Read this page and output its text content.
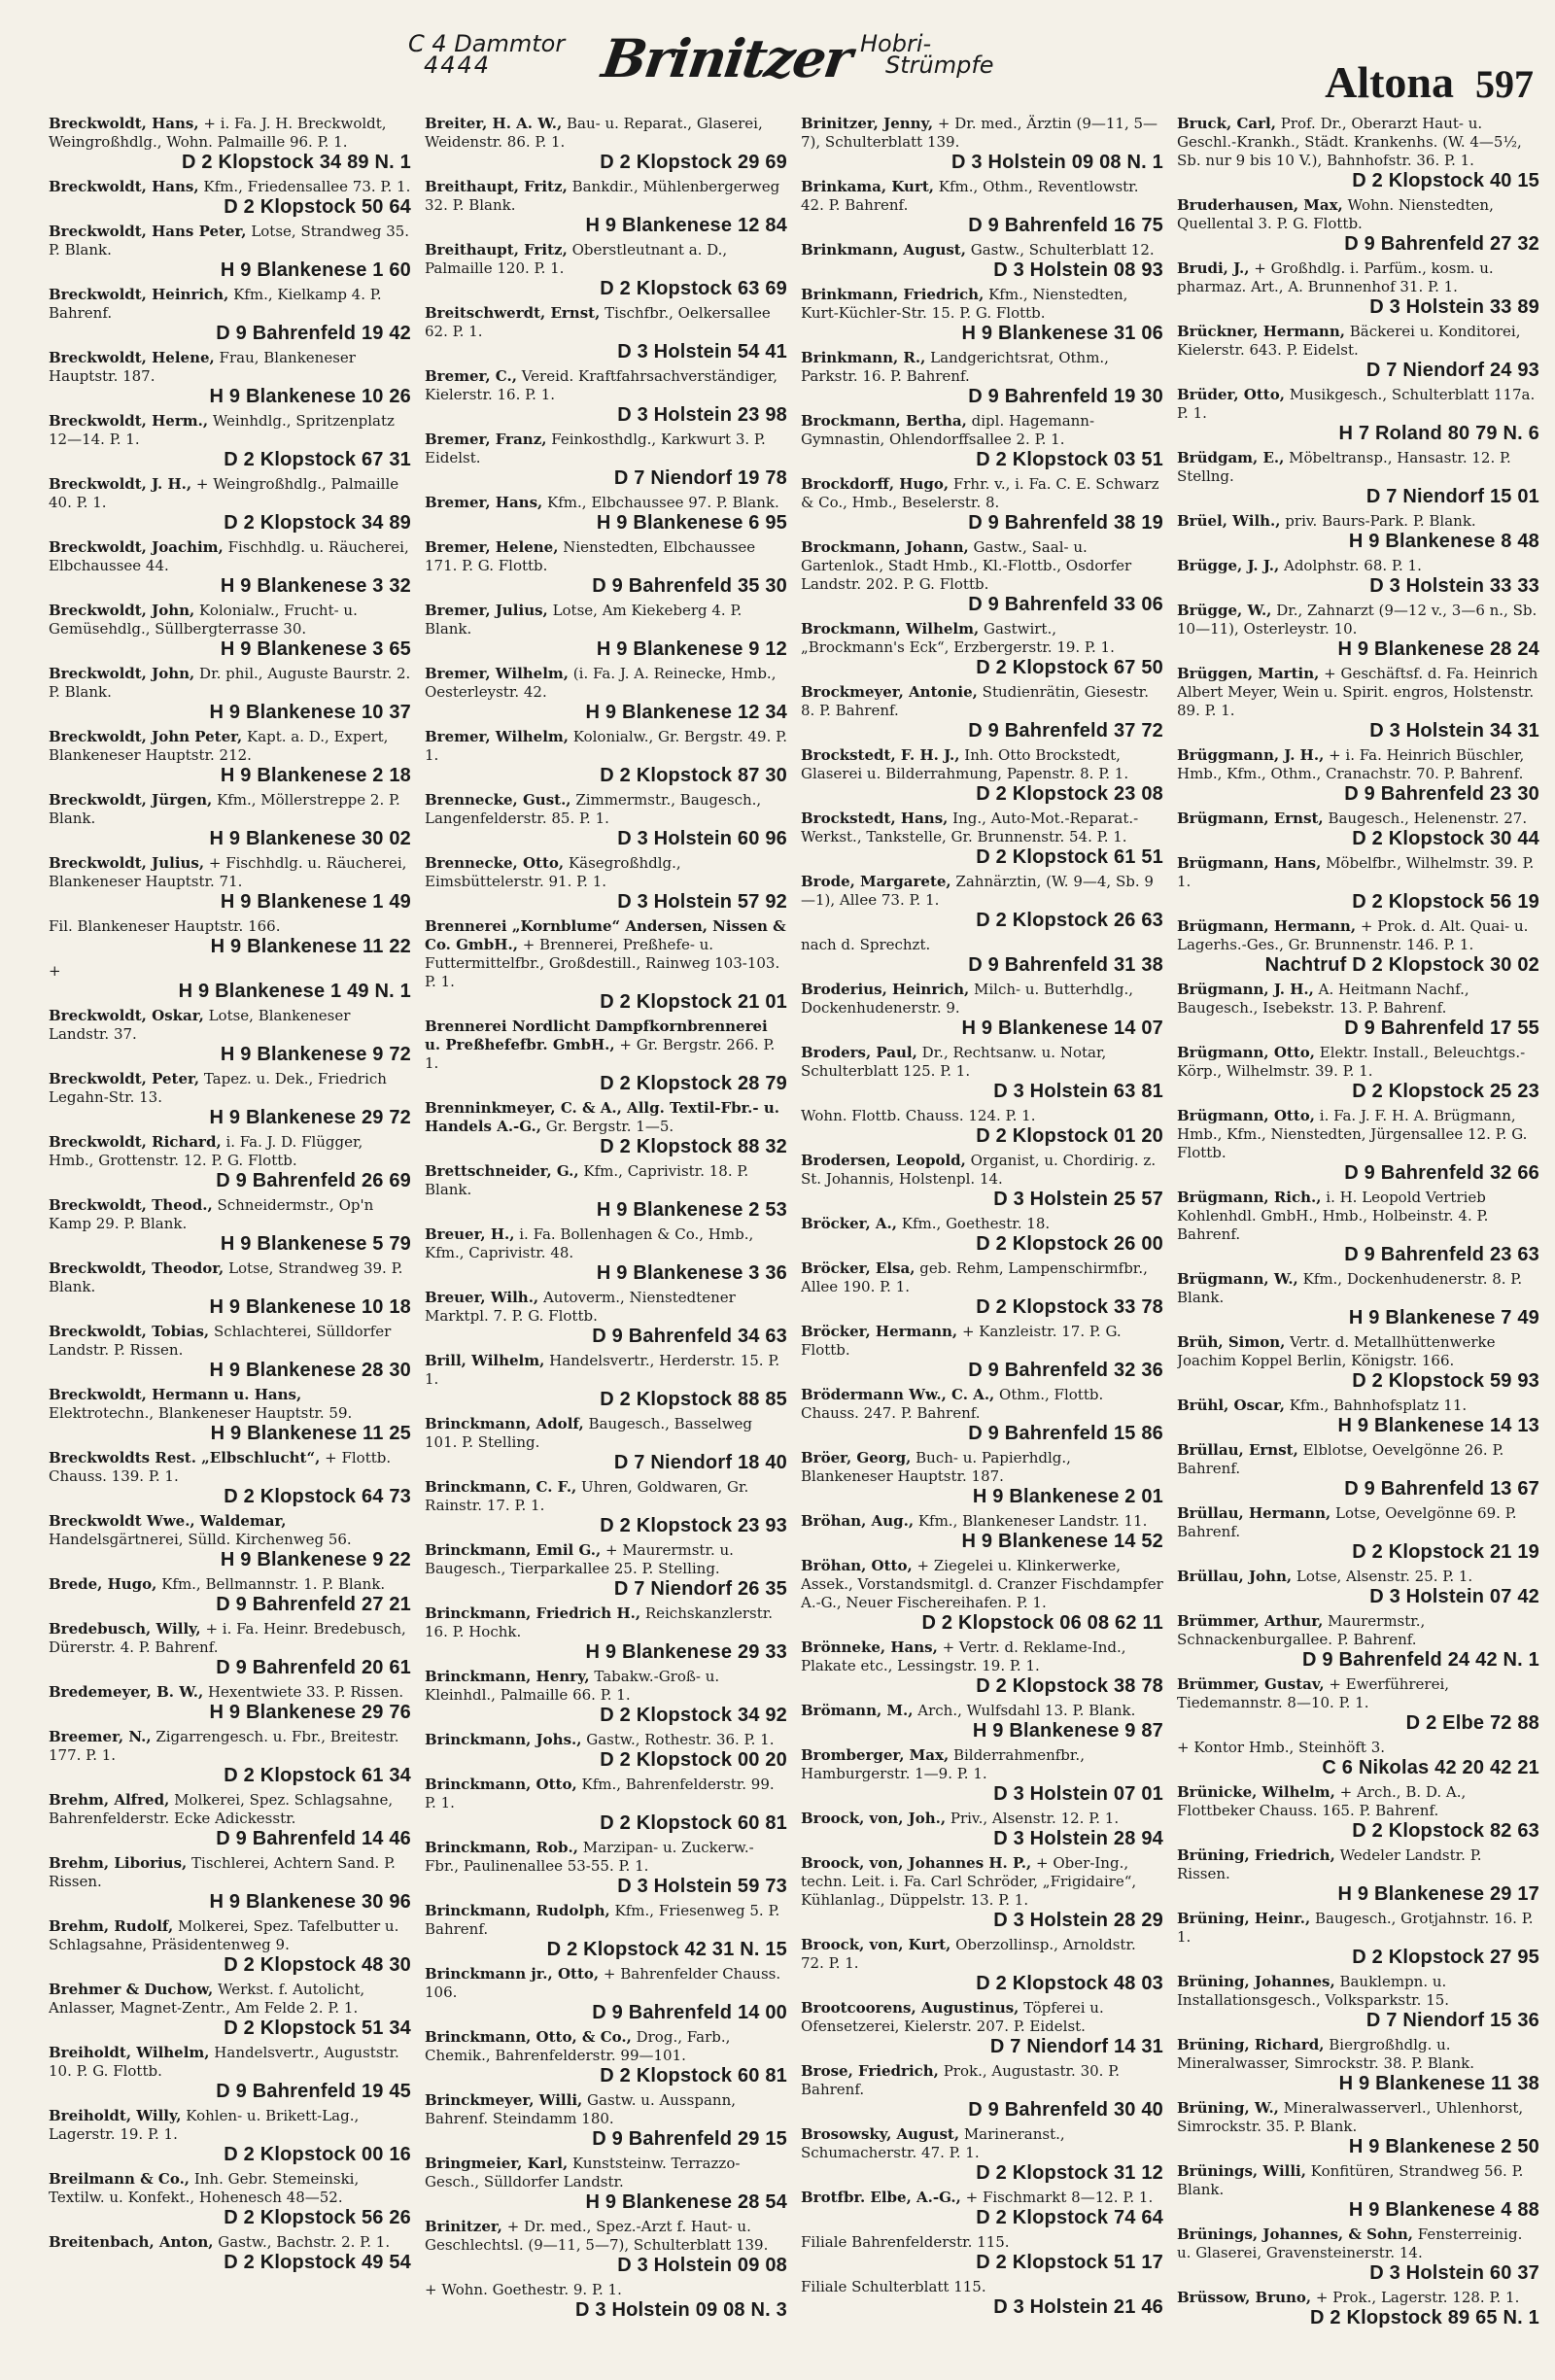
C 4 Dammtor
4444	Brinitzer Hobri-
Strümpfe	Altona 597
Breckwoldt, Hans, + i. Fa. J. H. Breckwoldt, Weingroßhdlg., Wohn. Palmaille 96. P. 1.
D 2 Klopstock 34 89 N. 1
Breckwoldt, Hans, Kfm., Friedensallee 73. P. 1.
D 2 Klopstock 50 64
Breckwoldt, Hans Peter, Lotse, Strandweg 35. P. Blank.
H 9 Blankenese 1 60
Breckwoldt, Heinrich, Kfm., Kielkamp 4. P. Bahrenf.
D 9 Bahrenfeld 19 42
Breckwoldt, Helene, Frau, Blankeneser Hauptstr. 187.
H 9 Blankenese 10 26
Breckwoldt, Herm., Weinhdlg., Spritzenplatz 12—14. P. 1.
D 2 Klopstock 67 31
Breckwoldt, J. H., + Weingroßhdlg., Palmaille 40. P. 1.
D 2 Klopstock 34 89
Breckwoldt, Joachim, Fischhdlg. u. Räucherei, Elbchaussee 44.
H 9 Blankenese 3 32
Breckwoldt, John, Kolonialw., Frucht- u. Gemüsehdlg., Süllbergterrasse 30.
H 9 Blankenese 3 65
Breckwoldt, John, Dr. phil., Auguste Baurstr. 2. P. Blank.
H 9 Blankenese 10 37
Breckwoldt, John Peter, Kapt. a. D., Expert, Blankeneser Hauptstr. 212.
H 9 Blankenese 2 18
Breckwoldt, Jürgen, Kfm., Möllerstreppe 2. P. Blank.
H 9 Blankenese 30 02
Breckwoldt, Julius, + Fischhdlg. u. Räucherei, Blankeneser Hauptstr. 71.
H 9 Blankenese 1 49
Fil. Blankeneser Hauptstr. 166.
H 9 Blankenese 11 22
+
H 9 Blankenese 1 49 N. 1
Breckwoldt, Oskar, Lotse, Blankeneser Landstr. 37.
H 9 Blankenese 9 72
Breckwoldt, Peter, Tapez. u. Dek., Friedrich Legahn-Str. 13.
H 9 Blankenese 29 72
Breckwoldt, Richard, i. Fa. J. D. Flügger, Hmb., Grottenstr. 12. P. G. Flottb.
D 9 Bahrenfeld 26 69
Breckwoldt, Theod., Schneidermstr., Op'n Kamp 29. P. Blank.
H 9 Blankenese 5 79
Breckwoldt, Theodor, Lotse, Strandweg 39. P. Blank.
H 9 Blankenese 10 18
Breckwoldt, Tobias, Schlachterei, Sülldorfer Landstr. P. Rissen.
H 9 Blankenese 28 30
Breckwoldt, Hermann u. Hans, Elektrotechn., Blankeneser Hauptstr. 59.
H 9 Blankenese 11 25
Breckwoldts Rest. „Elbschlucht“, + Flottb. Chauss. 139. P. 1.
D 2 Klopstock 64 73
Breckwoldt Wwe., Waldemar, Handelsgärtnerei, Sülld. Kirchenweg 56.
H 9 Blankenese 9 22
Brede, Hugo, Kfm., Bellmannstr. 1. P. Blank.
D 9 Bahrenfeld 27 21
Bredebusch, Willy, + i. Fa. Heinr. Bredebusch, Dürerstr. 4. P. Bahrenf.
D 9 Bahrenfeld 20 61
Bredemeyer, B. W., Hexentwiete 33. P. Rissen.
H 9 Blankenese 29 76
Breemer, N., Zigarrengesch. u. Fbr., Breitestr. 177. P. 1.
D 2 Klopstock 61 34
Brehm, Alfred, Molkerei, Spez. Schlagsahne, Bahrenfelderstr. Ecke Adickesstr.
D 9 Bahrenfeld 14 46
Brehm, Liborius, Tischlerei, Achtern Sand. P. Rissen.
H 9 Blankenese 30 96
Brehm, Rudolf, Molkerei, Spez. Tafelbutter u. Schlagsahne, Präsidentenweg 9.
D 2 Klopstock 48 30
Brehmer & Duchow, Werkst. f. Autolicht, Anlasser, Magnet-Zentr., Am Felde 2. P. 1.
D 2 Klopstock 51 34
Breiholdt, Wilhelm, Handelsvertr., Auguststr. 10. P. G. Flottb.
D 9 Bahrenfeld 19 45
Breiholdt, Willy, Kohlen- u. Brikett-Lag., Lagerstr. 19. P. 1.
D 2 Klopstock 00 16
Breilmann & Co., Inh. Gebr. Stemeinski, Textilw. u. Konfekt., Hohenesch 48—52.
D 2 Klopstock 56 26
Breitenbach, Anton, Gastw., Bachstr. 2. P. 1.
D 2 Klopstock 49 54
Breiter, H. A. W., Bau- u. Reparat., Glaserei, Weidenstr. 86. P. 1.
D 2 Klopstock 29 69
Breithaupt, Fritz, Bankdir., Mühlenbergerweg 32. P. Blank.
H 9 Blankenese 12 84
Breithaupt, Fritz, Oberstleutnant a. D., Palmaille 120. P. 1.
D 2 Klopstock 63 69
Breitschwerdt, Ernst, Tischfbr., Oelkersallee 62. P. 1.
D 3 Holstein 54 41
Bremer, C., Vereid. Kraftfahrsachverständiger, Kielerstr. 16. P. 1.
D 3 Holstein 23 98
Bremer, Franz, Feinkosthdlg., Karkwurt 3. P. Eidelst.
D 7 Niendorf 19 78
Bremer, Hans, Kfm., Elbchaussee 97. P. Blank.
H 9 Blankenese 6 95
Bremer, Helene, Nienstedten, Elbchaussee 171. P. G. Flottb.
D 9 Bahrenfeld 35 30
Bremer, Julius, Lotse, Am Kiekeberg 4. P. Blank.
H 9 Blankenese 9 12
Bremer, Wilhelm, (i. Fa. J. A. Reinecke, Hmb., Oesterleystr. 42.
H 9 Blankenese 12 34
Bremer, Wilhelm, Kolonialw., Gr. Bergstr. 49. P. 1.
D 2 Klopstock 87 30
Brennecke, Gust., Zimmermstr., Baugesch., Langenfelderstr. 85. P. 1.
D 3 Holstein 60 96
Brennecke, Otto, Käsegroßhdlg., Eimsbüttelerstr. 91. P. 1.
D 3 Holstein 57 92
Brennerei „Kornblume“ Andersen, Nissen & Co. GmbH., + Brennerei, Preßhefe- u. Futtermittelfbr., Großdestill., Rainweg 103-103. P. 1.
D 2 Klopstock 21 01
Brennerei Nordlicht Dampfkornbrennerei u. Preßhefefbr. GmbH., + Gr. Bergstr. 266. P. 1.
D 2 Klopstock 28 79
Brenninkmeyer, C. & A., Allg. Textil-Fbr.- u. Handels A.-G., Gr. Bergstr. 1—5.
D 2 Klopstock 88 32
Brettschneider, G., Kfm., Caprivistr. 18. P. Blank.
H 9 Blankenese 2 53
Breuer, H., i. Fa. Bollenhagen & Co., Hmb., Kfm., Caprivistr. 48.
H 9 Blankenese 3 36
Breuer, Wilh., Autoverm., Nienstedtener Marktpl. 7. P. G. Flottb.
D 9 Bahrenfeld 34 63
Brill, Wilhelm, Handelsvertr., Herderstr. 15. P. 1.
D 2 Klopstock 88 85
Brinckmann, Adolf, Baugesch., Basselweg 101. P. Stelling.
D 7 Niendorf 18 40
Brinckmann, C. F., Uhren, Goldwaren, Gr. Rainstr. 17. P. 1.
D 2 Klopstock 23 93
Brinckmann, Emil G., + Maurermstr. u. Baugesch., Tierparkallee 25. P. Stelling.
D 7 Niendorf 26 35
Brinckmann, Friedrich H., Reichskanzlerstr. 16. P. Hochk.
H 9 Blankenese 29 33
Brinckmann, Henry, Tabakw.-Groß- u. Kleinhdl., Palmaille 66. P. 1.
D 2 Klopstock 34 92
Brinckmann, Johs., Gastw., Rothestr. 36. P. 1.
D 2 Klopstock 00 20
Brinckmann, Otto, Kfm., Bahrenfelderstr. 99. P. 1.
D 2 Klopstock 60 81
Brinckmann, Rob., Marzipan- u. Zuckerw.-Fbr., Paulinenallee 53-55. P. 1.
D 3 Holstein 59 73
Brinckmann, Rudolph, Kfm., Friesenweg 5. P. Bahrenf.
D 2 Klopstock 42 31 N. 15
Brinckmann jr., Otto, + Bahrenfelder Chauss. 106.
D 9 Bahrenfeld 14 00
Brinckmann, Otto, & Co., Drog., Farb., Chemik., Bahrenfelderstr. 99—101.
D 2 Klopstock 60 81
Brinckmeyer, Willi, Gastw. u. Ausspann, Bahrenf. Steindamm 180.
D 9 Bahrenfeld 29 15
Bringmeier, Karl, Kunststeinw. Terrazzo-Gesch., Sülldorfer Landstr.
H 9 Blankenese 28 54
Brinitzer, + Dr. med., Spez.-Arzt f. Haut- u. Geschlechtsl. (9—11, 5—7), Schulterblatt 139.
D 3 Holstein 09 08
+ Wohn. Goethestr. 9. P. 1.
D 3 Holstein 09 08 N. 3
Brinitzer, Jenny, + Dr. med., Ärztin (9—11, 5—7), Schulterblatt 139.
D 3 Holstein 09 08 N. 1
Brinkama, Kurt, Kfm., Othm., Reventlowstr. 42. P. Bahrenf.
D 9 Bahrenfeld 16 75
Brinkmann, August, Gastw., Schulterblatt 12.
D 3 Holstein 08 93
Brinkmann, Friedrich, Kfm., Nienstedten, Kurt-Küchler-Str. 15. P. G. Flottb.
H 9 Blankenese 31 06
Brinkmann, R., Landgerichtsrat, Othm., Parkstr. 16. P. Bahrenf.
D 9 Bahrenfeld 19 30
Brockmann, Bertha, dipl. Hagemann-Gymnastin, Ohlendorffsallee 2. P. 1.
D 2 Klopstock 03 51
Brockdorff, Hugo, Frhr. v., i. Fa. C. E. Schwarz & Co., Hmb., Beselerstr. 8.
D 9 Bahrenfeld 38 19
Brockmann, Johann, Gastw., Saal- u. Gartenlok., Stadt Hmb., Kl.-Flottb., Osdorfer Landstr. 202. P. G. Flottb.
D 9 Bahrenfeld 33 06
Brockmann, Wilhelm, Gastwirt., „Brockmann's Eck“, Erzbergerstr. 19. P. 1.
D 2 Klopstock 67 50
Brockmeyer, Antonie, Studienrätin, Giesestr. 8. P. Bahrenf.
D 9 Bahrenfeld 37 72
Brockstedt, F. H. J., Inh. Otto Brockstedt, Glaserei u. Bilderrahmung, Papenstr. 8. P. 1.
D 2 Klopstock 23 08
Brockstedt, Hans, Ing., Auto-Mot.-Reparat.-Werkst., Tankstelle, Gr. Brunnenstr. 54. P. 1.
D 2 Klopstock 61 51
Brode, Margarete, Zahnärztin, (W. 9—4, Sb. 9—1), Allee 73. P. 1.
D 2 Klopstock 26 63
nach d. Sprechzt.
D 9 Bahrenfeld 31 38
Broderius, Heinrich, Milch- u. Butterhdlg., Dockenhudenerstr. 9.
H 9 Blankenese 14 07
Broders, Paul, Dr., Rechtsanw. u. Notar, Schulterblatt 125. P. 1.
D 3 Holstein 63 81
Wohn. Flottb. Chauss. 124. P. 1.
D 2 Klopstock 01 20
Brodersen, Leopold, Organist, u. Chordirig. z. St. Johannis, Holstenpl. 14.
D 3 Holstein 25 57
Bröcker, A., Kfm., Goethestr. 18.
D 2 Klopstock 26 00
Bröcker, Elsa, geb. Rehm, Lampenschirmfbr., Allee 190. P. 1.
D 2 Klopstock 33 78
Bröcker, Hermann, + Kanzleistr. 17. P. G. Flottb.
D 9 Bahrenfeld 32 36
Brödermann Ww., C. A., Othm., Flottb. Chauss. 247. P. Bahrenf.
D 9 Bahrenfeld 15 86
Bröer, Georg, Buch- u. Papierhdlg., Blankeneser Hauptstr. 187.
H 9 Blankenese 2 01
Bröhan, Aug., Kfm., Blankeneser Landstr. 11.
H 9 Blankenese 14 52
Bröhan, Otto, + Ziegelei u. Klinkerwerke, Assek., Vorstandsmitgl. d. Cranzer Fischdampfer A.-G., Neuer Fischereihafen. P. 1.
D 2 Klopstock 06 08 62 11
Brönneke, Hans, + Vertr. d. Reklame-Ind., Plakate etc., Lessingstr. 19. P. 1.
D 2 Klopstock 38 78
Brömann, M., Arch., Wulfsdahl 13. P. Blank.
H 9 Blankenese 9 87
Bromberger, Max, Bilderrahmenfbr., Hamburgerstr. 1—9. P. 1.
D 3 Holstein 07 01
Broock, von, Joh., Priv., Alsenstr. 12. P. 1.
D 3 Holstein 28 94
Broock, von, Johannes H. P., + Ober-Ing., techn. Leit. i. Fa. Carl Schröder, „Frigidaire“, Kühlanlag., Düppelstr. 13. P. 1.
D 3 Holstein 28 29
Broock, von, Kurt, Oberzollinsp., Arnoldstr. 72. P. 1.
D 2 Klopstock 48 03
Brootcoorens, Augustinus, Töpferei u. Ofensetzerei, Kielerstr. 207. P. Eidelst.
D 7 Niendorf 14 31
Brose, Friedrich, Prok., Augustastr. 30. P. Bahrenf.
D 9 Bahrenfeld 30 40
Brosowsky, August, Marineranst., Schumacherstr. 47. P. 1.
D 2 Klopstock 31 12
Brotfbr. Elbe, A.-G., + Fischmarkt 8—12. P. 1.
D 2 Klopstock 74 64
Filiale Bahrenfelderstr. 115.
D 2 Klopstock 51 17
Filiale Schulterblatt 115.
D 3 Holstein 21 46
Bruck, Carl, Prof. Dr., Oberarzt Haut- u. Geschl.-Krankh., Städt. Krankenhs. (W. 4—5½, Sb. nur 9 bis 10 V.), Bahnhofstr. 36. P. 1.
D 2 Klopstock 40 15
Bruderhausen, Max, Wohn. Nienstedten, Quellental 3. P. G. Flottb.
D 9 Bahrenfeld 27 32
Brudi, J., + Großhdlg. i. Parfüm., kosm. u. pharmaz. Art., A. Brunnenhof 31. P. 1.
D 3 Holstein 33 89
Brückner, Hermann, Bäckerei u. Konditorei, Kielerstr. 643. P. Eidelst.
D 7 Niendorf 24 93
Brüder, Otto, Musikgesch., Schulterblatt 117a. P. 1.
H 7 Roland 80 79 N. 6
Brüdgam, E., Möbeltransp., Hansastr. 12. P. Stellng.
D 7 Niendorf 15 01
Brüel, Wilh., priv. Baurs-Park. P. Blank.
H 9 Blankenese 8 48
Brügge, J. J., Adolphstr. 68. P. 1.
D 3 Holstein 33 33
Brügge, W., Dr., Zahnarzt (9—12 v., 3—6 n., Sb. 10—11), Osterleystr. 10.
H 9 Blankenese 28 24
Brüggen, Martin, + Geschäftsf. d. Fa. Heinrich Albert Meyer, Wein u. Spirit. engros, Holstenstr. 89. P. 1.
D 3 Holstein 34 31
Brüggmann, J. H., + i. Fa. Heinrich Büschler, Hmb., Kfm., Othm., Cranachstr. 70. P. Bahrenf.
D 9 Bahrenfeld 23 30
Brügmann, Ernst, Baugesch., Helenenstr. 27.
D 2 Klopstock 30 44
Brügmann, Hans, Möbelfbr., Wilhelmstr. 39. P. 1.
D 2 Klopstock 56 19
Brügmann, Hermann, + Prok. d. Alt. Quai- u. Lagerhs.-Ges., Gr. Brunnenstr. 146. P. 1.
Nachtruf D 2 Klopstock 30 02
Brügmann, J. H., A. Heitmann Nachf., Baugesch., Isebekstr. 13. P. Bahrenf.
D 9 Bahrenfeld 17 55
Brügmann, Otto, Elektr. Install., Beleuchtgs.-Körp., Wilhelmstr. 39. P. 1.
D 2 Klopstock 25 23
Brügmann, Otto, i. Fa. J. F. H. A. Brügmann, Hmb., Kfm., Nienstedten, Jürgensallee 12. P. G. Flottb.
D 9 Bahrenfeld 32 66
Brügmann, Rich., i. H. Leopold Vertrieb Kohlenhdl. GmbH., Hmb., Holbeinstr. 4. P. Bahrenf.
D 9 Bahrenfeld 23 63
Brügmann, W., Kfm., Dockenhudenerstr. 8. P. Blank.
H 9 Blankenese 7 49
Brüh, Simon, Vertr. d. Metallhüttenwerke Joachim Koppel Berlin, Königstr. 166.
D 2 Klopstock 59 93
Brühl, Oscar, Kfm., Bahnhofsplatz 11.
H 9 Blankenese 14 13
Brüllau, Ernst, Elblotse, Oevelgönne 26. P. Bahrenf.
D 9 Bahrenfeld 13 67
Brüllau, Hermann, Lotse, Oevelgönne 69. P. Bahrenf.
D 2 Klopstock 21 19
Brüllau, John, Lotse, Alsenstr. 25. P. 1.
D 3 Holstein 07 42
Brümmer, Arthur, Maurermstr., Schnackenburgallee. P. Bahrenf.
D 9 Bahrenfeld 24 42 N. 1
Brümmer, Gustav, + Ewerführerei, Tiedemannstr. 8—10. P. 1.
D 2 Elbe 72 88
+ Kontor Hmb., Steinhöft 3.
C 6 Nikolas 42 20 42 21
Brünicke, Wilhelm, + Arch., B. D. A., Flottbeker Chauss. 165. P. Bahrenf.
D 2 Klopstock 82 63
Brüning, Friedrich, Wedeler Landstr. P. Rissen.
H 9 Blankenese 29 17
Brüning, Heinr., Baugesch., Grotjahnstr. 16. P. 1.
D 2 Klopstock 27 95
Brüning, Johannes, Bauklempn. u. Installationsgesch., Volksparkstr. 15.
D 7 Niendorf 15 36
Brüning, Richard, Biergroßhdlg. u. Mineralwasser, Simrockstr. 38. P. Blank.
H 9 Blankenese 11 38
Brüning, W., Mineralwasserverl., Uhlenhorst, Simrockstr. 35. P. Blank.
H 9 Blankenese 2 50
Brünings, Willi, Konfitüren, Strandweg 56. P. Blank.
H 9 Blankenese 4 88
Brünings, Johannes, & Sohn, Fensterreinig. u. Glaserei, Gravensteinerstr. 14.
D 3 Holstein 60 37
Brüssow, Bruno, + Prok., Lagerstr. 128. P. 1.
D 2 Klopstock 89 65 N. 1
